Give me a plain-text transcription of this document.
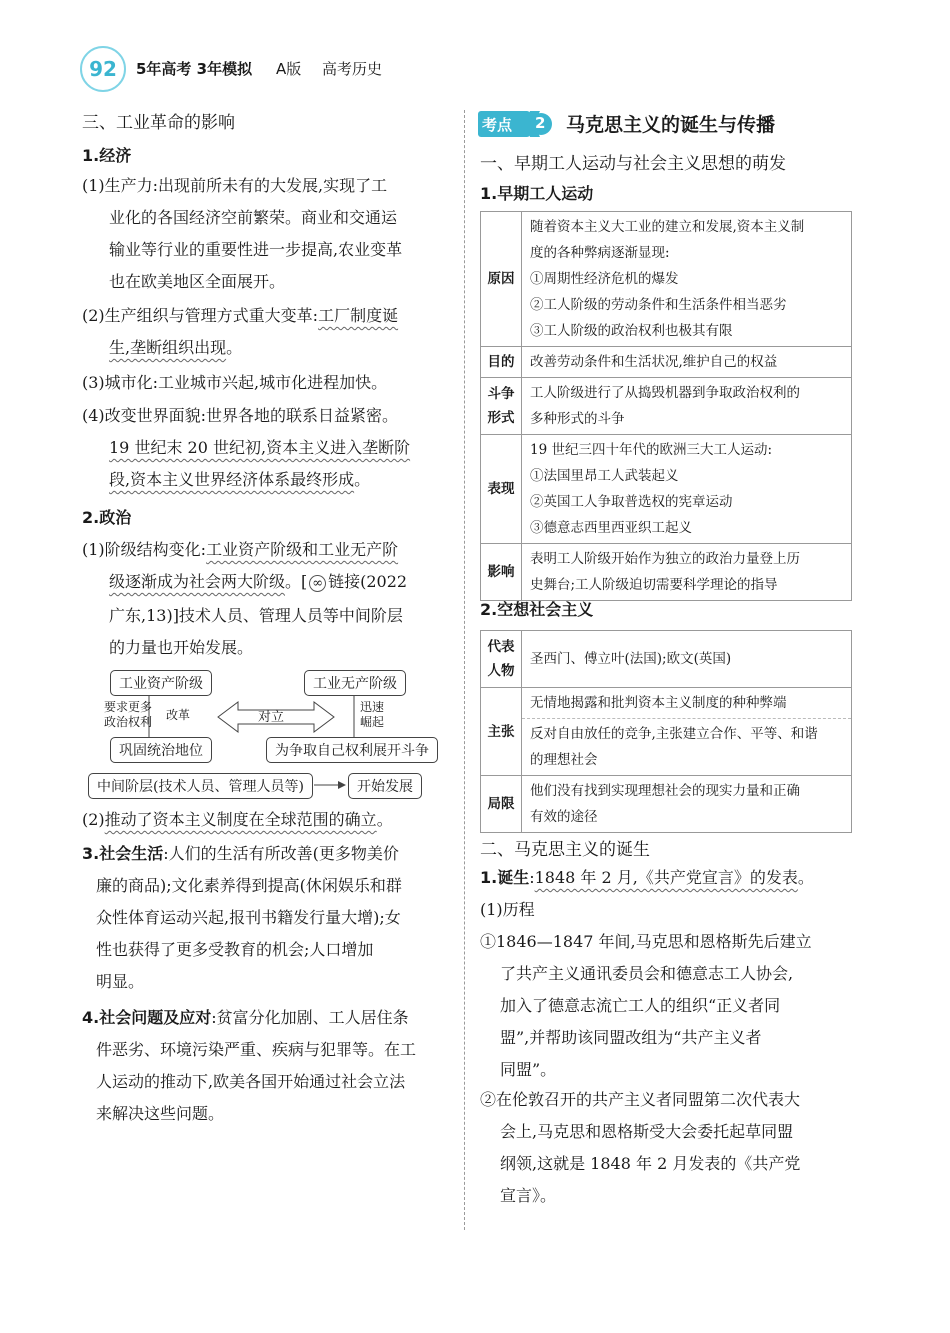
92	5年高考 3年模拟 A版 高考历史
三、工业革命的影响
1.经济
(1)生产力:出现前所未有的大发展,实现了工
业化的各国经济空前繁荣。商业和交通运
输业等行业的重要性进一步提高,农业变革
也在欧美地区全面展开。
(2)生产组织与管理方式重大变革:工厂制度诞
生,垄断组织出现。
(3)城市化:工业城市兴起,城市化进程加快。
(4)改变世界面貌:世界各地的联系日益紧密。
19 世纪末 20 世纪初,资本主义进入垄断阶
段,资本主义世界经济体系最终形成。
2.政治
(1)阶级结构变化:工业资产阶级和工业无产阶
级逐渐成为社会两大阶级。[ ∞ 链接(2022
广东,13)]技术人员、管理人员等中间阶层
的力量也开始发展。
工业资产阶级	工业无产阶级
要求更多
政治权利 改革	对立
迅速
崛起
巩固统治地位	为争取自己权利展开斗争
中间阶层(技术人员、管理人员等)	开始发展
(2)推动了资本主义制度在全球范围的确立。
3.社会生活:人们的生活有所改善(更多物美价
廉的商品);文化素养得到提高(休闲娱乐和群
众性体育运动兴起,报刊书籍发行量大增);女
性也获得了更多受教育的机会;人口增加
明显。
4.社会问题及应对:贫富分化加剧、工人居住条
件恶劣、环境污染严重、疾病与犯罪等。在工
人运动的推动下,欧美各国开始通过社会立法
来解决这些问题。
考点 2 马克思主义的诞生与传播
一、早期工人运动与社会主义思想的萌发
1.早期工人运动
原因	随着资本主义大工业的建立和发展,资本主义制
度的各种弊病逐渐显现:
①周期性经济危机的爆发
②工人阶级的劳动条件和生活条件相当恶劣
③工人阶级的政治权利也极其有限

目的	改善劳动条件和生活状况,维护自己的权益

斗争形式	工人阶级进行了从捣毁机器到争取政治权利的
多种形式的斗争

表现	19 世纪三四十年代的欧洲三大工人运动:
①法国里昂工人武装起义
②英国工人争取普选权的宪章运动
③德意志西里西亚织工起义

影响	表明工人阶级开始作为独立的政治力量登上历
史舞台;工人阶级迫切需要科学理论的指导
2.空想社会主义
代表人物	圣西门、傅立叶(法国);欧文(英国)

主张	无情地揭露和批判资本主义制度的种种弊端
反对自由放任的竞争,主张建立合作、平等、和谐
的理想社会

局限	他们没有找到实现理想社会的现实力量和正确
有效的途径
二、马克思主义的诞生
1.诞生:1848 年 2 月,《共产党宣言》的发表。
(1)历程
①1846—1847 年间,马克思和恩格斯先后建立
了共产主义通讯委员会和德意志工人协会,
加入了德意志流亡工人的组织“正义者同
盟”,并帮助该同盟改组为“共产主义者
同盟”。
②在伦敦召开的共产主义者同盟第二次代表大
会上,马克思和恩格斯受大会委托起草同盟
纲领,这就是 1848 年 2 月发表的《共产党
宣言》。
